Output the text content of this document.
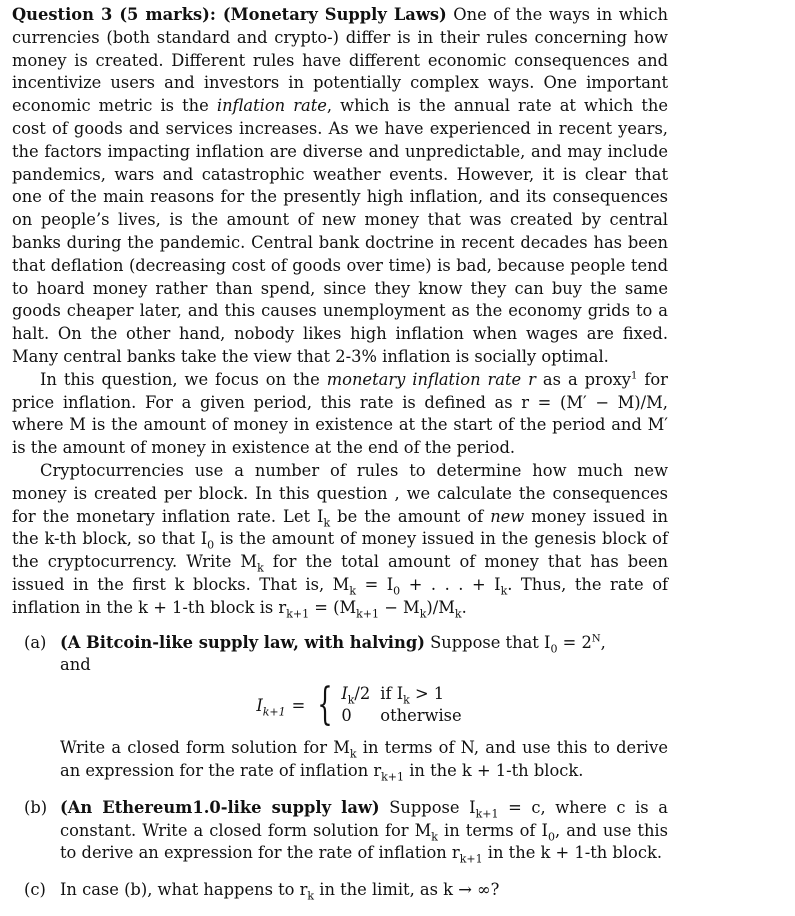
Question 3 (5 marks): (Monetary Supply Laws) One of the ways in which currencies (both standard and crypto-) differ is in their rules concerning how money is created. Different rules have different economic consequences and incentivize users and investors in potentially complex ways. One important economic metric is the inflation rate, which is the annual rate at which the cost of goods and services increases. As we have experienced in recent years, the factors impacting inflation are diverse and unpredictable, and may include pandemics, wars and catastrophic weather events. However, it is clear that one of the main reasons for the presently high inflation, and its consequences on people’s lives, is the amount of new money that was created by central banks during the pandemic. Central bank doctrine in recent decades has been that deflation (decreasing cost of goods over time) is bad, because people tend to hoard money rather than spend, since they know they can buy the same goods cheaper later, and this causes unemployment as the economy grids to a halt. On the other hand, nobody likes high inflation when wages are fixed. Many central banks take the view that 2-3% inflation is socially optimal.

In this question, we focus on the monetary inflation rate r as a proxy$^1$ for price inflation. For a given period, this rate is defined as r = (M′ − M)/M, where M is the amount of money in existence at the start of the period and M′ is the amount of money in existence at the end of the period.

Cryptocurrencies use a number of rules to determine how much new money is created per block. In this question , we calculate the consequences for the monetary inflation rate. Let $I_k$ be the amount of new money issued in the k-th block, so that $I_0$ is the amount of money issued in the genesis block of the cryptocurrency. Write $M_k$ for the total amount of money that has been issued in the first k blocks. That is, $M_k = I_0$ + . . . + $I_k$. Thus, the rate of inflation in the k + 1-th block is $r_{k+1} = (M_{k+1} - M_k)/M_k$.

(a) (A Bitcoin-like supply law, with halving) Suppose that $I_0 = 2^N$,
and

$I_{k+1}$ = { $I_k/2$	if $I_k > 1$
0	otherwise

Write a closed form solution for $M_k$ in terms of N, and use this to derive an expression for the rate of inflation $r_{k+1}$ in the k + 1-th block.

(b) (An Ethereum1.0-like supply law) Suppose $I_{k+1} = c$, where c is a constant. Write a closed form solution for $M_k$ in terms of $I_0$, and use this to derive an expression for the rate of inflation $r_{k+1}$ in the k + 1-th block.

(c) In case (b), what happens to $r_k$ in the limit, as k → ∞?
